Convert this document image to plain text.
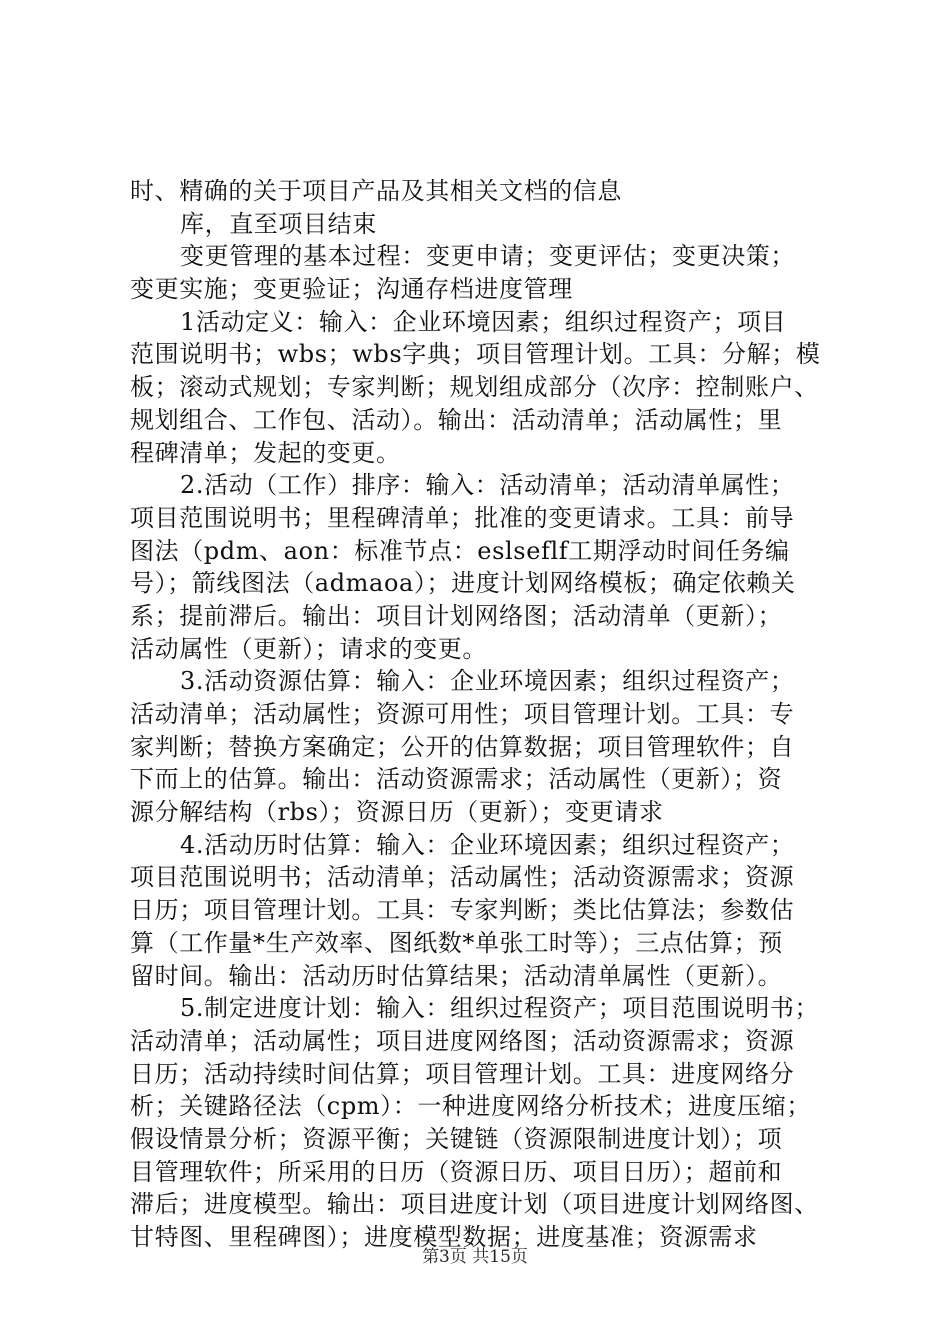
时、精确的关于项目产品及其相关文档的信息
库，直至项目结束
变更管理的基本过程：变更申请；变更评估；变更决策；
变更实施；变更验证；沟通存档进度管理
1活动定义：输入：企业环境因素；组织过程资产；项目
范围说明书；wbs；wbs字典；项目管理计划。工具：分解；模
板；滚动式规划；专家判断；规划组成部分（次序：控制账户、
规划组合、工作包、活动）。输出：活动清单；活动属性；里
程碑清单；发起的变更。
2.活动（工作）排序：输入：活动清单；活动清单属性；
项目范围说明书；里程碑清单；批准的变更请求。工具：前导
图法（pdm、aon：标准节点：eslseflf工期浮动时间任务编
号）；箭线图法（admaoa）；进度计划网络模板；确定依赖关
系；提前滞后。输出：项目计划网络图；活动清单（更新）；
活动属性（更新）；请求的变更。
3.活动资源估算：输入：企业环境因素；组织过程资产；
活动清单；活动属性；资源可用性；项目管理计划。工具：专
家判断；替换方案确定；公开的估算数据；项目管理软件；自
下而上的估算。输出：活动资源需求；活动属性（更新）；资
源分解结构（rbs）；资源日历（更新）；变更请求
4.活动历时估算：输入：企业环境因素；组织过程资产；
项目范围说明书；活动清单；活动属性；活动资源需求；资源
日历；项目管理计划。工具：专家判断；类比估算法；参数估
算（工作量*生产效率、图纸数*单张工时等）；三点估算；预
留时间。输出：活动历时估算结果；活动清单属性（更新）。
5.制定进度计划：输入：组织过程资产；项目范围说明书；
活动清单；活动属性；项目进度网络图；活动资源需求；资源
日历；活动持续时间估算；项目管理计划。工具：进度网络分
析；关键路径法（cpm）：一种进度网络分析技术；进度压缩；
假设情景分析；资源平衡；关键链（资源限制进度计划）；项
目管理软件；所采用的日历（资源日历、项目日历）；超前和
滞后；进度模型。输出：项目进度计划（项目进度计划网络图、
甘特图、里程碑图）；进度模型数据；进度基准；资源需求
第3页 共15页
